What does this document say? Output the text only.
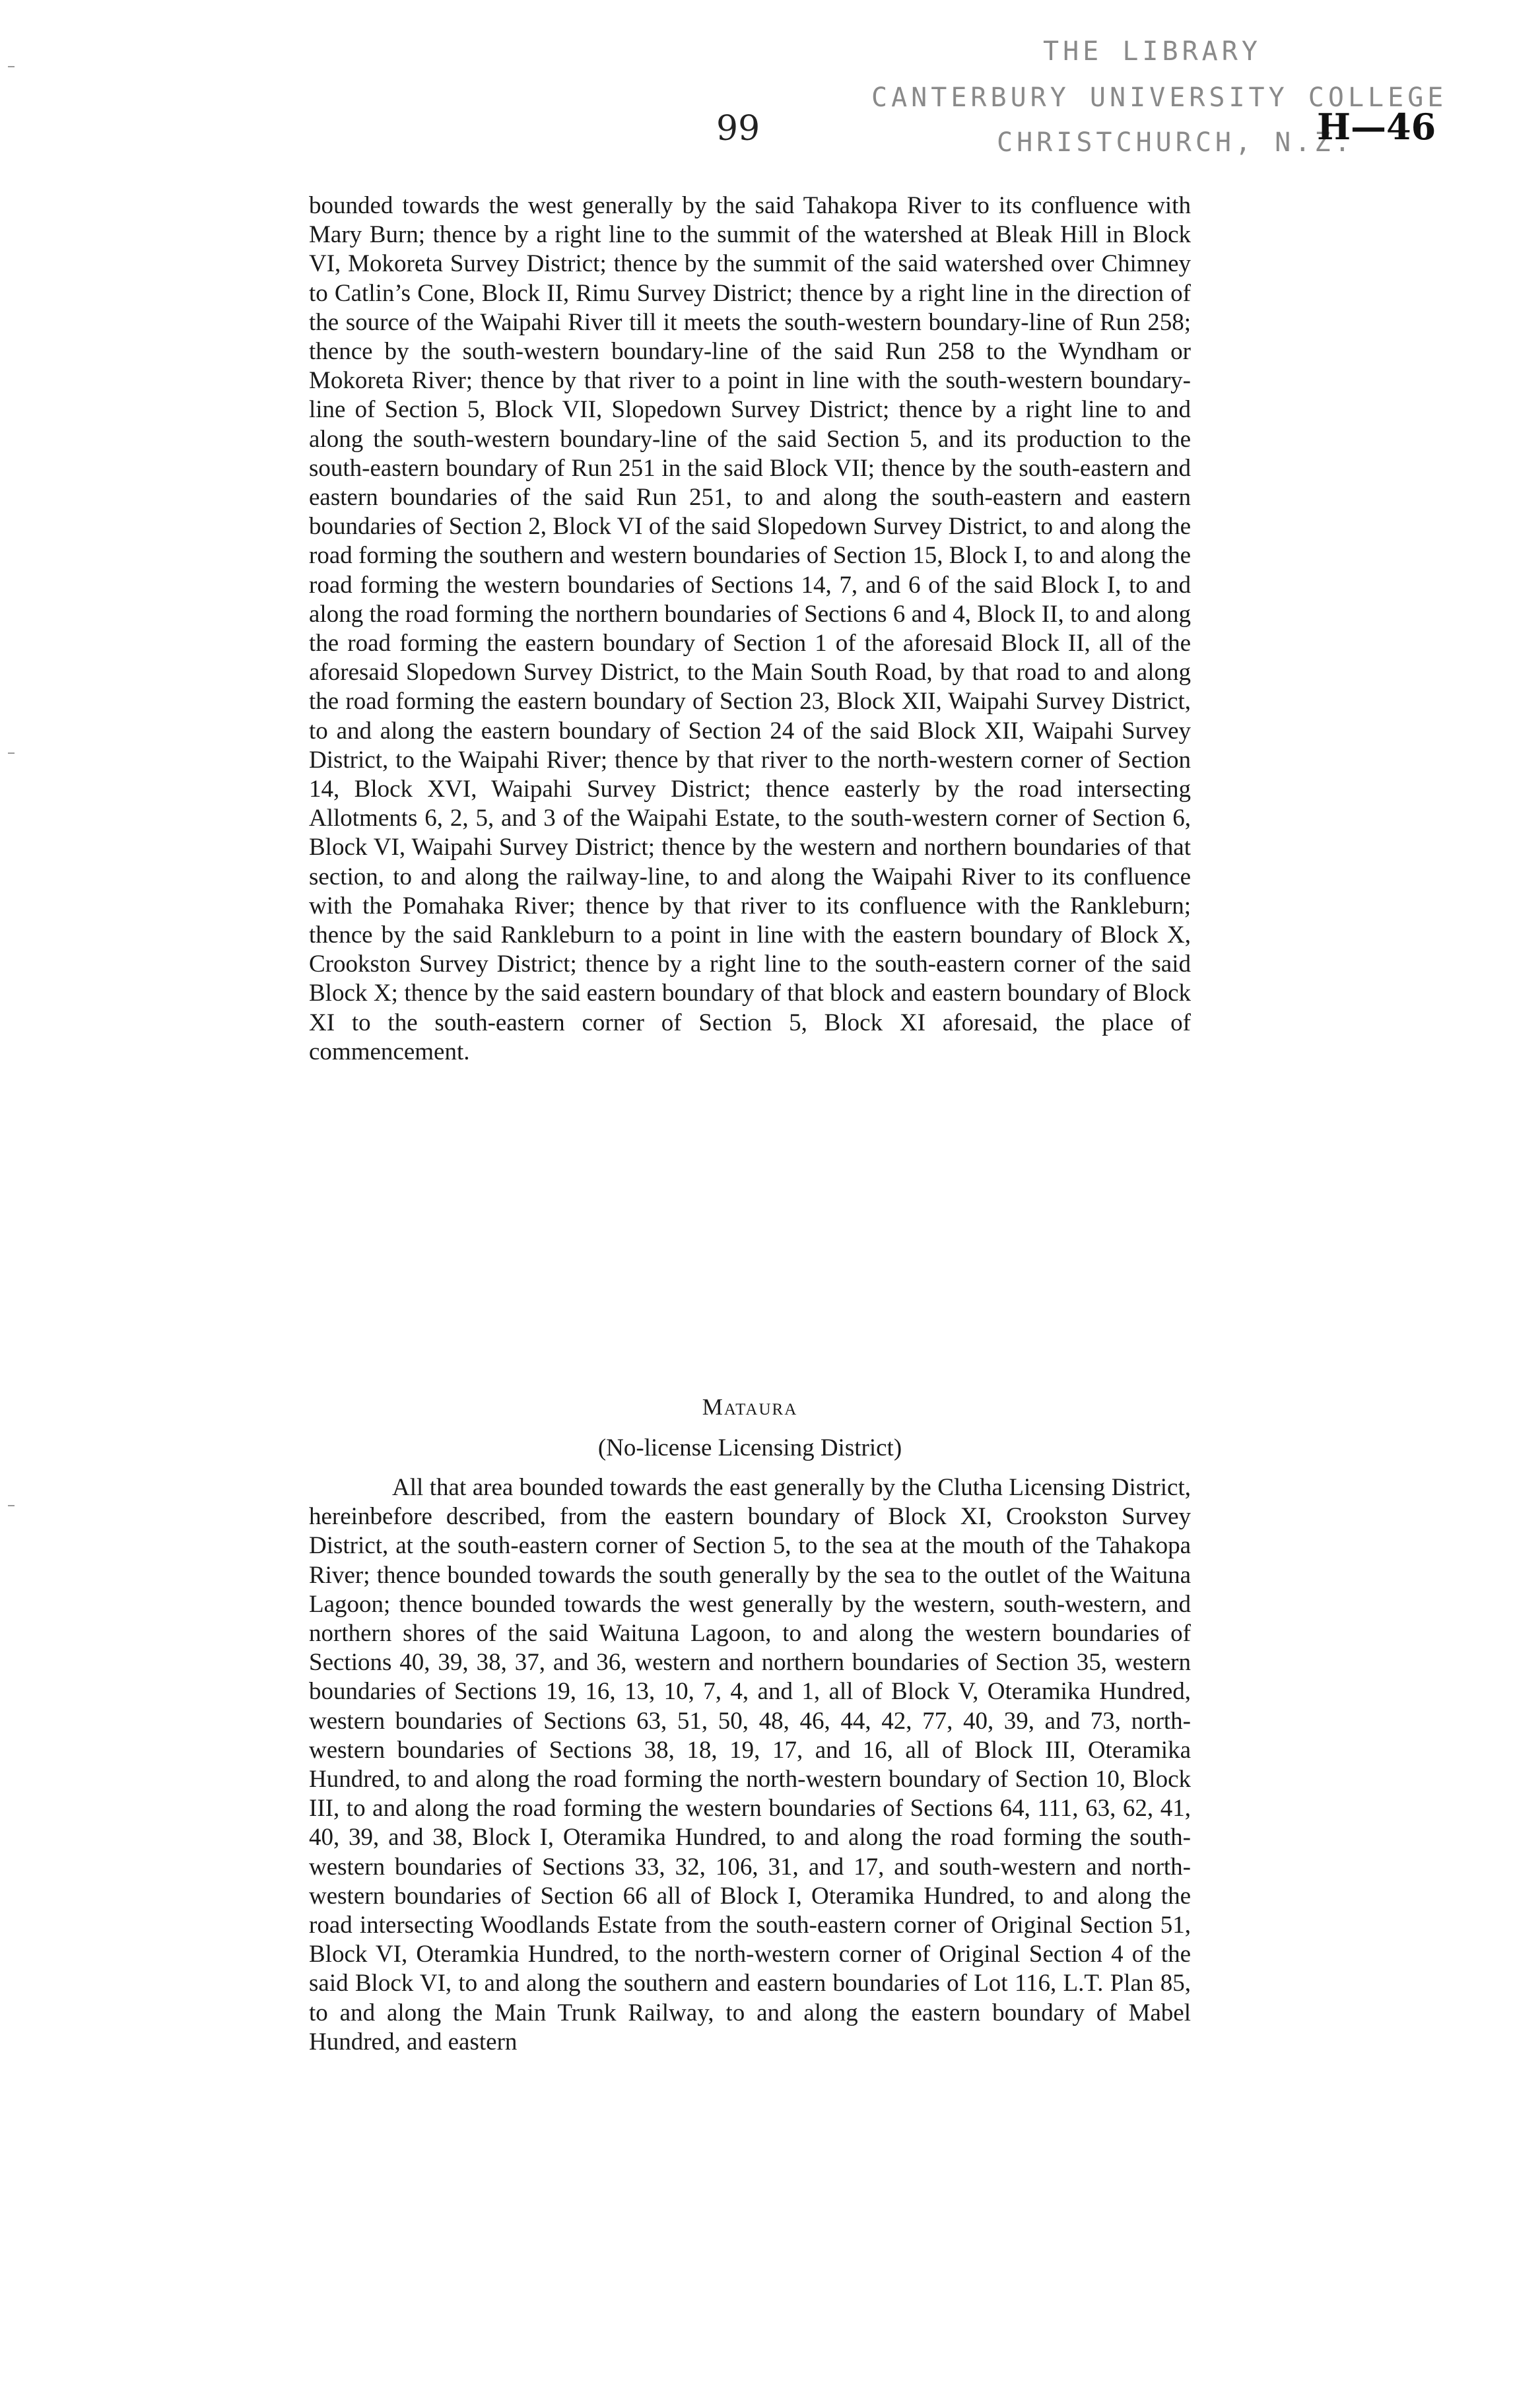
THE LIBRARY
CANTERBURY UNIVERSITY COLLEGE
CHRISTCHURCH, N.Z.
99	H—46
bounded towards the west generally by the said Tahakopa River to its confluence with Mary Burn; thence by a right line to the summit of the watershed at Bleak Hill in Block VI, Mokoreta Survey District; thence by the summit of the said watershed over Chimney to Catlin’s Cone, Block II, Rimu Survey District; thence by a right line in the direction of the source of the Waipahi River till it meets the south-western boundary-line of Run 258; thence by the south-western boundary-line of the said Run 258 to the Wyndham or Mokoreta River; thence by that river to a point in line with the south-western boundary-line of Section 5, Block VII, Slopedown Survey District; thence by a right line to and along the south-western boundary-line of the said Section 5, and its production to the south-eastern boundary of Run 251 in the said Block VII; thence by the south-eastern and eastern boundaries of the said Run 251, to and along the south-eastern and eastern boundaries of Section 2, Block VI of the said Slopedown Survey District, to and along the road forming the southern and western boundaries of Section 15, Block I, to and along the road forming the western boundaries of Sections 14, 7, and 6 of the said Block I, to and along the road forming the northern boundaries of Sections 6 and 4, Block II, to and along the road forming the eastern boundary of Section 1 of the aforesaid Block II, all of the aforesaid Slopedown Survey District, to the Main South Road, by that road to and along the road forming the eastern boundary of Section 23, Block XII, Waipahi Survey District, to and along the eastern boundary of Section 24 of the said Block XII, Waipahi Survey District, to the Waipahi River; thence by that river to the north-western corner of Section 14, Block XVI, Waipahi Survey District; thence easterly by the road intersecting Allotments 6, 2, 5, and 3 of the Waipahi Estate, to the south-western corner of Section 6, Block VI, Waipahi Survey District; thence by the western and northern boundaries of that section, to and along the railway-line, to and along the Waipahi River to its confluence with the Pomahaka River; thence by that river to its confluence with the Rankleburn; thence by the said Rankleburn to a point in line with the eastern boundary of Block X, Crookston Survey District; thence by a right line to the south-eastern corner of the said Block X; thence by the said eastern boundary of that block and eastern boundary of Block XI to the south-eastern corner of Section 5, Block XI aforesaid, the place of commencement.
Mataura
(No-license Licensing District)
All that area bounded towards the east generally by the Clutha Licensing District, hereinbefore described, from the eastern boundary of Block XI, Crookston Survey District, at the south-eastern corner of Section 5, to the sea at the mouth of the Tahakopa River; thence bounded towards the south generally by the sea to the outlet of the Waituna Lagoon; thence bounded towards the west generally by the western, south-western, and northern shores of the said Waituna Lagoon, to and along the western boundaries of Sections 40, 39, 38, 37, and 36, western and northern boundaries of Section 35, western boundaries of Sections 19, 16, 13, 10, 7, 4, and 1, all of Block V, Oteramika Hundred, western boundaries of Sections 63, 51, 50, 48, 46, 44, 42, 77, 40, 39, and 73, north-western boundaries of Sections 38, 18, 19, 17, and 16, all of Block III, Oteramika Hundred, to and along the road forming the north-western boundary of Section 10, Block III, to and along the road forming the western boundaries of Sections 64, 111, 63, 62, 41, 40, 39, and 38, Block I, Oteramika Hundred, to and along the road forming the south-western boundaries of Sections 33, 32, 106, 31, and 17, and south-western and north-western boundaries of Section 66 all of Block I, Oteramika Hundred, to and along the road intersecting Woodlands Estate from the south-eastern corner of Original Section 51, Block VI, Oteramkia Hundred, to the north-western corner of Original Section 4 of the said Block VI, to and along the southern and eastern boundaries of Lot 116, L.T. Plan 85, to and along the Main Trunk Railway, to and along the eastern boundary of Mabel Hundred, and eastern
